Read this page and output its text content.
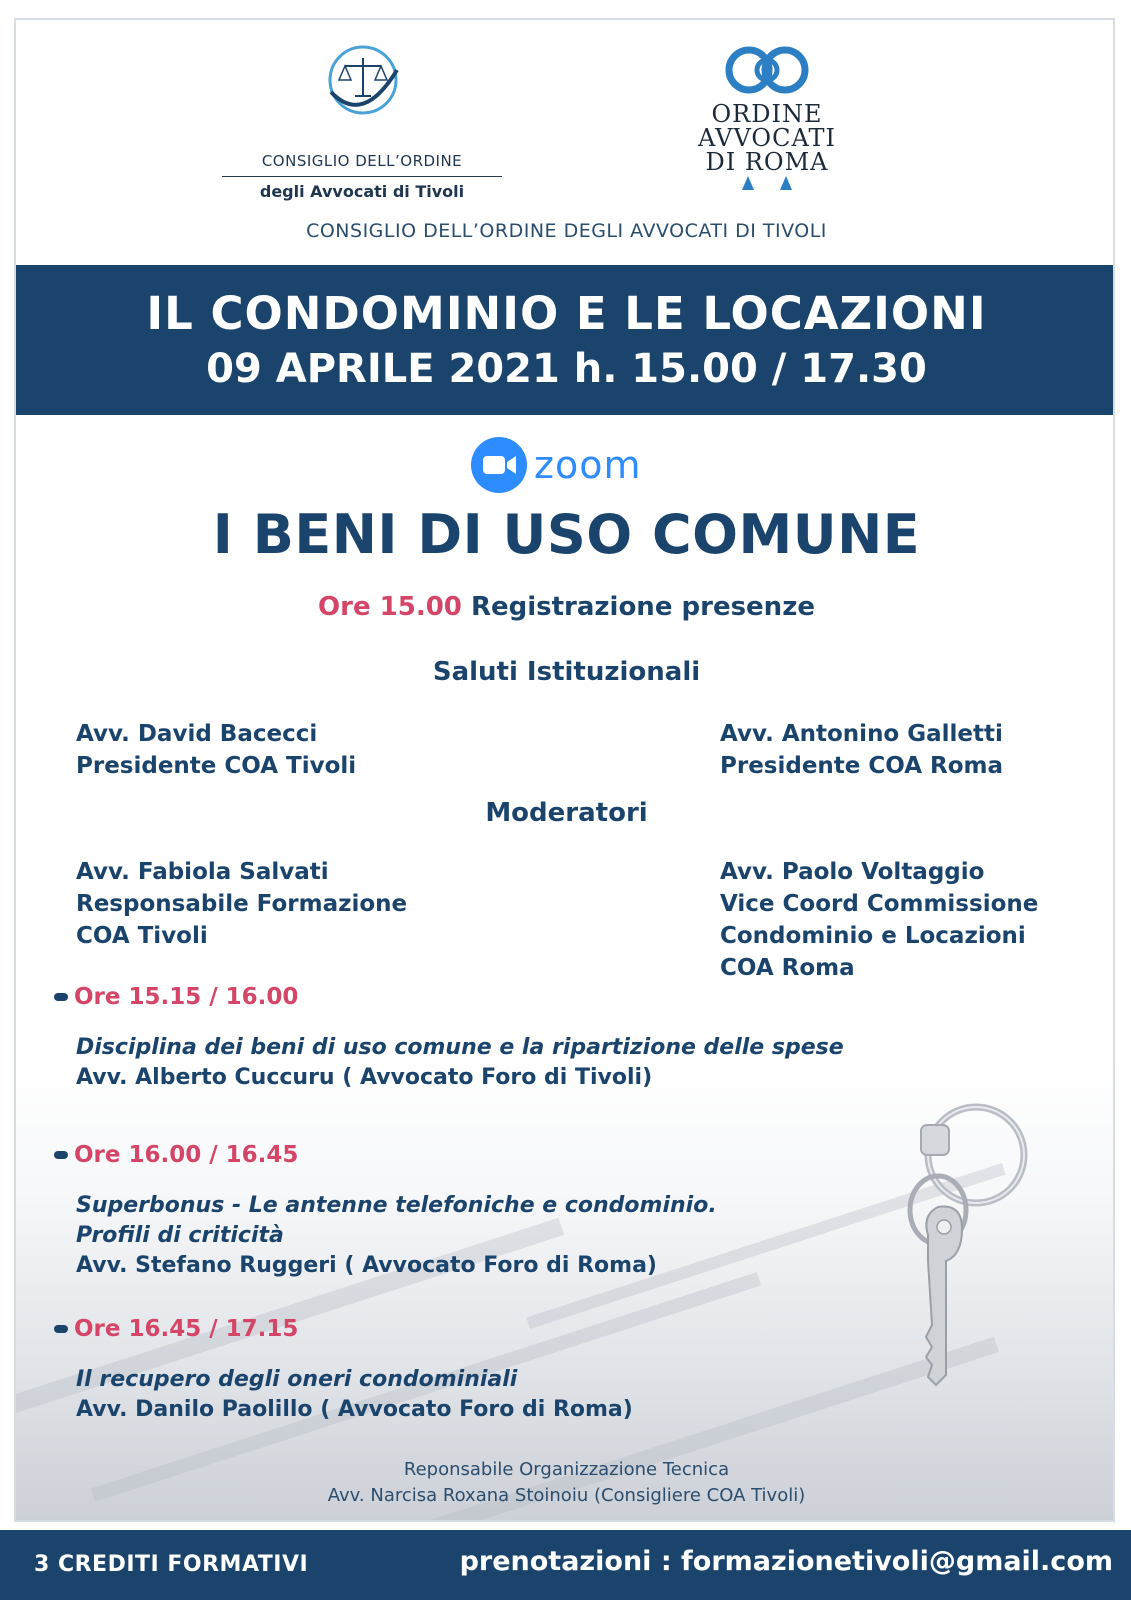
CONSIGLIO DELL’ORDINE
degli Avvocati di Tivoli
ORDINE
AVVOCATI
DI ROMA
CONSIGLIO DELL’ORDINE DEGLI AVVOCATI DI TIVOLI
IL CONDOMINIO E LE LOCAZIONI
09 APRILE 2021 h. 15.00 / 17.30
zoom
I BENI DI USO COMUNE
Ore 15.00 Registrazione presenze
Saluti Istituzionali
Avv. David Bacecci
Presidente COA Tivoli
Avv. Antonino Galletti
Presidente COA Roma
Moderatori
Avv. Fabiola Salvati
Responsabile Formazione
COA Tivoli
Avv. Paolo Voltaggio
Vice Coord Commissione
Condominio e Locazioni
COA Roma
Ore 15.15 / 16.00
Disciplina dei beni di uso comune e la ripartizione delle spese
Avv. Alberto Cuccuru ( Avvocato Foro di Tivoli)
Ore 16.00 / 16.45
Superbonus - Le antenne telefoniche e condominio.
Profili di criticità
Avv. Stefano Ruggeri ( Avvocato Foro di Roma)
Ore 16.45 / 17.15
Il recupero degli oneri condominiali
Avv. Danilo Paolillo ( Avvocato Foro di Roma)
Reponsabile Organizzazione Tecnica
Avv. Narcisa Roxana Stoinoiu (Consigliere COA Tivoli)
3 CREDITI FORMATIVI	prenotazioni : formazionetivoli@gmail.com
